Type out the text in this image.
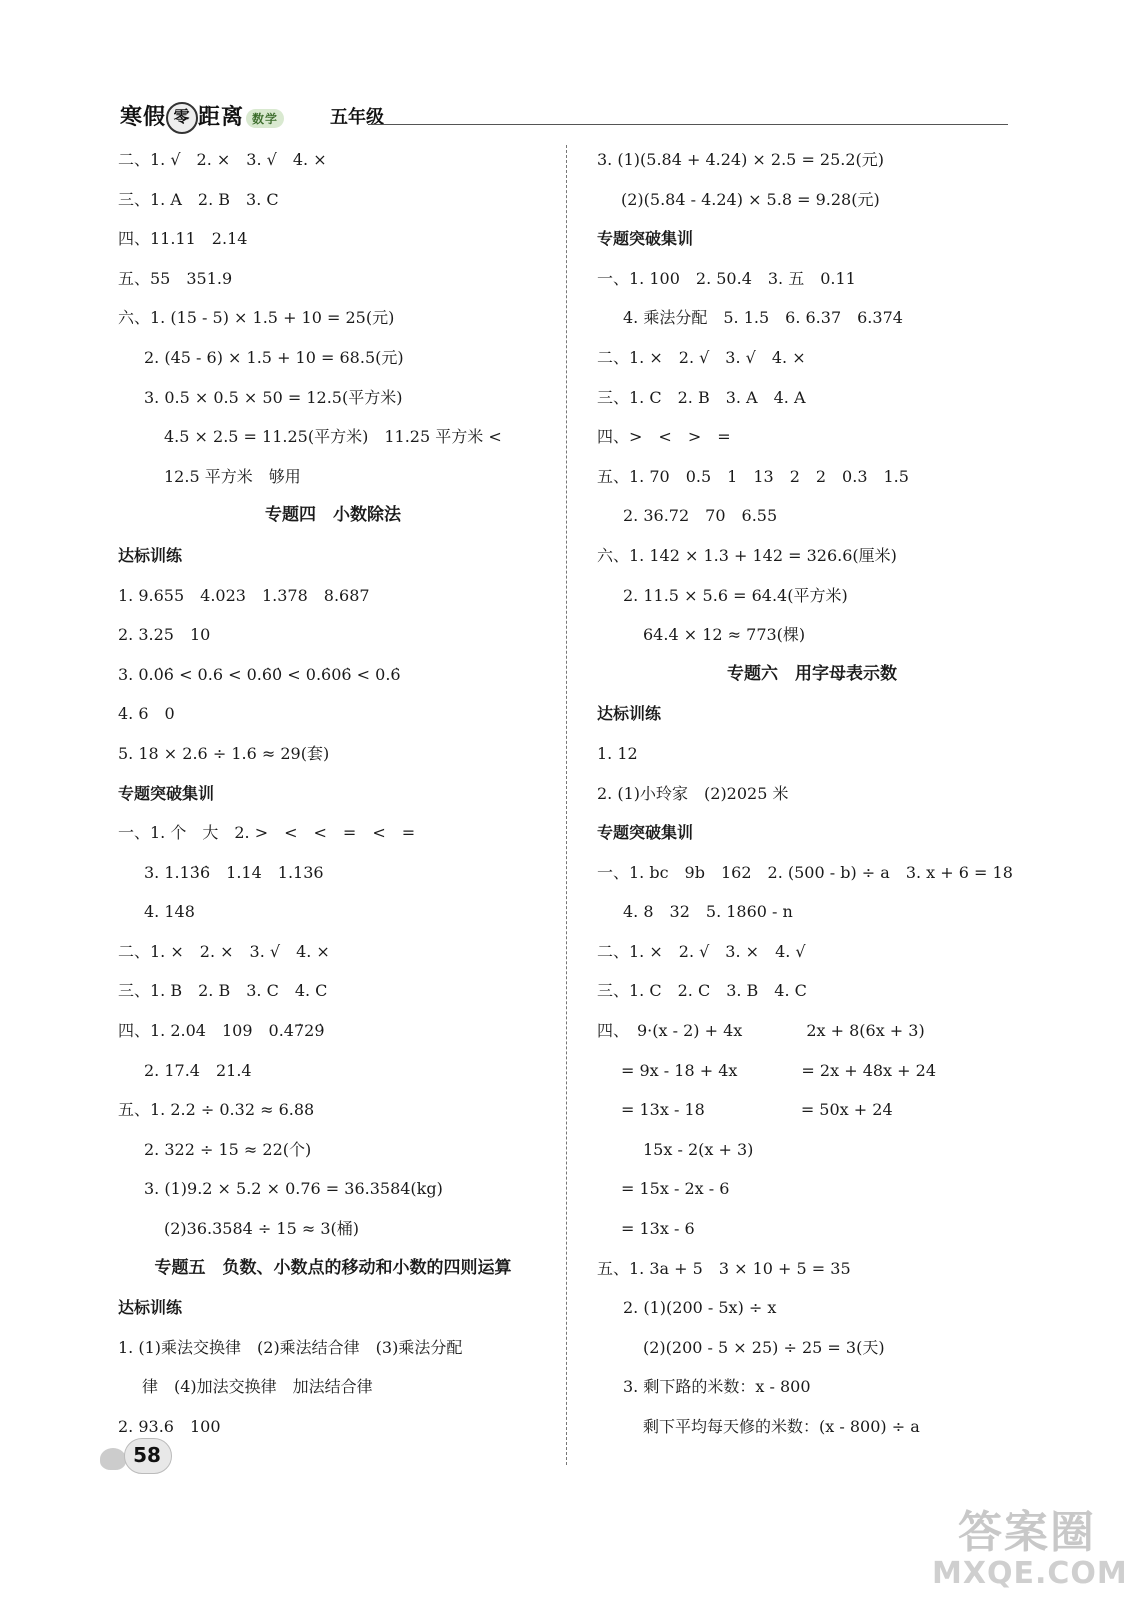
寒假 零 距离 数学	五年级
二、1. √　2. ×　3. √　4. ×
三、1. A　2. B　3. C
四、11.11　2.14
五、55　351.9
六、1. (15 - 5) × 1.5 + 10 = 25(元)
2. (45 - 6) × 1.5 + 10 = 68.5(元)
3. 0.5 × 0.5 × 50 = 12.5(平方米)
4.5 × 2.5 = 11.25(平方米)　11.25 平方米 <
12.5 平方米　够用
专题四　小数除法
达标训练
1. 9.655　4.023　1.378　8.687
2. 3.25　10
3. 0.0̇6̇ < 0.6 < 0.6̇0̇ < 0.6̇06̇ < 0.6̇
4. 6　0
5. 18 × 2.6 ÷ 1.6 ≈ 29(套)
专题突破集训
一、1. 个　大　2. >　<　<　=　<　=
3. 1.13̇6̇　1.14　1.136
4. 148
二、1. ×　2. ×　3. √　4. ×
三、1. B　2. B　3. C　4. C
四、1. 2.04　109　0.47̇29̇
2. 17.4　21.4
五、1. 2.2 ÷ 0.32 ≈ 6.88
2. 322 ÷ 15 ≈ 22(个)
3. (1)9.2 × 5.2 × 0.76 = 36.3584(kg)
(2)36.3584 ÷ 15 ≈ 3(桶)
专题五　负数、小数点的移动和小数的四则运算
达标训练
1. (1)乘法交换律　(2)乘法结合律　(3)乘法分配
律　(4)加法交换律　加法结合律
2. 93.6　100
3. (1)(5.84 + 4.24) × 2.5 = 25.2(元)
(2)(5.84 - 4.24) × 5.8 = 9.28(元)
专题突破集训
一、1. 100　2. 50.4　3. 五　0.11
4. 乘法分配　5. 1.5　6. 6.37　6.374
二、1. ×　2. √　3. √　4. ×
三、1. C　2. B　3. A　4. A
四、>　<　>　=
五、1. 70　0.5　1　13　2　2　0.3　1.5
2. 36.72　70　6.55
六、1. 142 × 1.3 + 142 = 326.6(厘米)
2. 11.5 × 5.6 = 64.4(平方米)
64.4 × 12 ≈ 773(棵)
专题六　用字母表示数
达标训练
1. 12
2. (1)小玲家　(2)2025 米
专题突破集训
一、1. bc　9b　162　2. (500 - b) ÷ a　3. x + 6 = 18
4. 8　32　5. 1860 - n
二、1. ×　2. √　3. ×　4. √
三、1. C　2. C　3. B　4. C
四、　9·(x - 2) + 4x　　　　2x + 8(6x + 3)
= 9x - 18 + 4x　　　　= 2x + 48x + 24
= 13x - 18　　　　　　= 50x + 24
15x - 2(x + 3)
= 15x - 2x - 6
= 13x - 6
五、1. 3a + 5　3 × 10 + 5 = 35
2. (1)(200 - 5x) ÷ x
(2)(200 - 5 × 25) ÷ 25 = 3(天)
3. 剩下路的米数：x - 800
剩下平均每天修的米数：(x - 800) ÷ a
58
答案圈
MXQE.COM
